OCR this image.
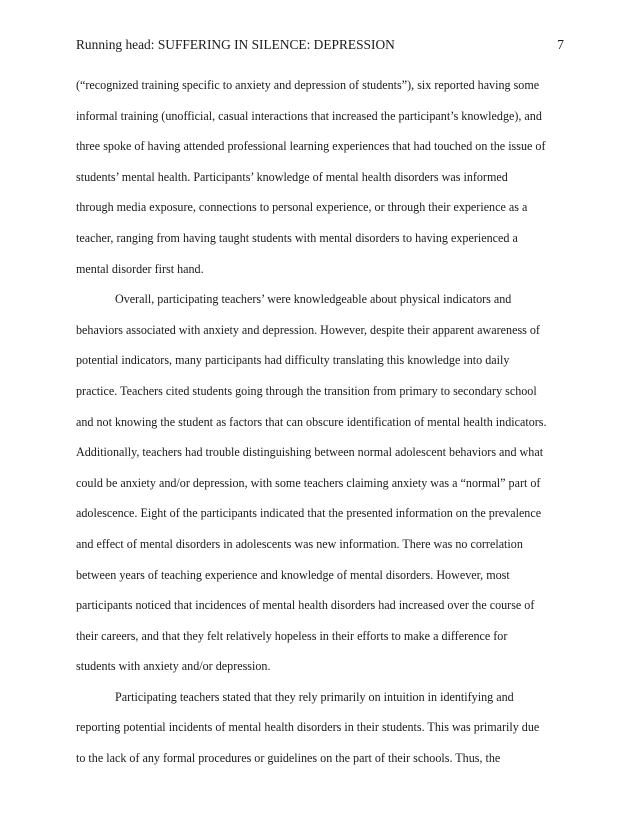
Running head: SUFFERING IN SILENCE: DEPRESSION	7
(“recognized training specific to anxiety and depression of students”), six reported having some
informal training (unofficial, casual interactions that increased the participant’s knowledge), and
three spoke of having attended professional learning experiences that had touched on the issue of
students’ mental health. Participants’ knowledge of mental health disorders was informed
through media exposure, connections to personal experience, or through their experience as a
teacher, ranging from having taught students with mental disorders to having experienced a
mental disorder first hand.
Overall, participating teachers’ were knowledgeable about physical indicators and
behaviors associated with anxiety and depression. However, despite their apparent awareness of
potential indicators, many participants had difficulty translating this knowledge into daily
practice. Teachers cited students going through the transition from primary to secondary school
and not knowing the student as factors that can obscure identification of mental health indicators.
Additionally, teachers had trouble distinguishing between normal adolescent behaviors and what
could be anxiety and/or depression, with some teachers claiming anxiety was a “normal” part of
adolescence. Eight of the participants indicated that the presented information on the prevalence
and effect of mental disorders in adolescents was new information. There was no correlation
between years of teaching experience and knowledge of mental disorders. However, most
participants noticed that incidences of mental health disorders had increased over the course of
their careers, and that they felt relatively hopeless in their efforts to make a difference for
students with anxiety and/or depression.
Participating teachers stated that they rely primarily on intuition in identifying and
reporting potential incidents of mental health disorders in their students. This was primarily due
to the lack of any formal procedures or guidelines on the part of their schools. Thus, the
